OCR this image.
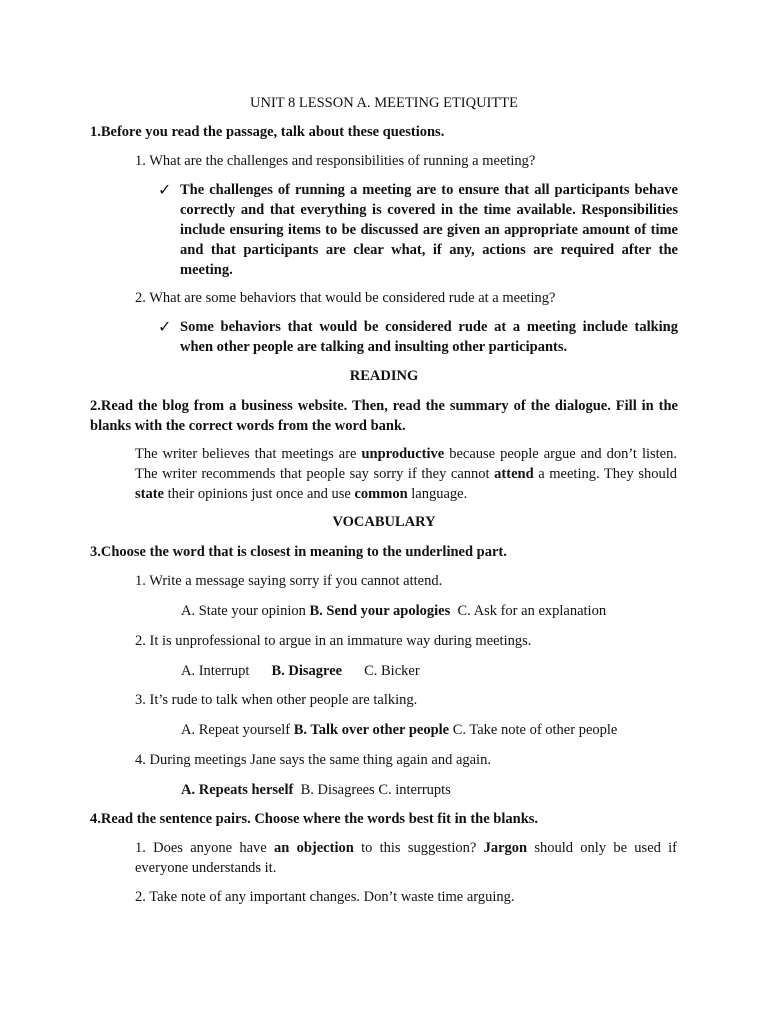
UNIT 8 LESSON A. MEETING ETIQUITTE
1.Before you read the passage, talk about these questions.
1. What are the challenges and responsibilities of running a meeting?
✓ The challenges of running a meeting are to ensure that all participants behave correctly and that everything is covered in the time available. Responsibilities include ensuring items to be discussed are given an appropriate amount of time and that participants are clear what, if any, actions are required after the meeting.
2. What are some behaviors that would be considered rude at a meeting?
✓ Some behaviors that would be considered rude at a meeting include talking when other people are talking and insulting other participants.
READING
2.Read the blog from a business website. Then, read the summary of the dialogue. Fill in the blanks with the correct words from the word bank.
The writer believes that meetings are unproductive because people argue and don’t listen. The writer recommends that people say sorry if they cannot attend a meeting. They should state their opinions just once and use common language.
VOCABULARY
3.Choose the word that is closest in meaning to the underlined part.
1. Write a message saying sorry if you cannot attend.
A. State your opinion B. Send your apologies  C. Ask for an explanation
2. It is unprofessional to argue in an immature way during meetings.
A. Interrupt B. Disagree C. Bicker
3. It’s rude to talk when other people are talking.
A. Repeat yourself B. Talk over other people C. Take note of other people
4. During meetings Jane says the same thing again and again.
A. Repeats herself  B. Disagrees C. interrupts
4.Read the sentence pairs. Choose where the words best fit in the blanks.
1. Does anyone have an objection to this suggestion? Jargon should only be used if everyone understands it.
2. Take note of any important changes. Don’t waste time arguing.
